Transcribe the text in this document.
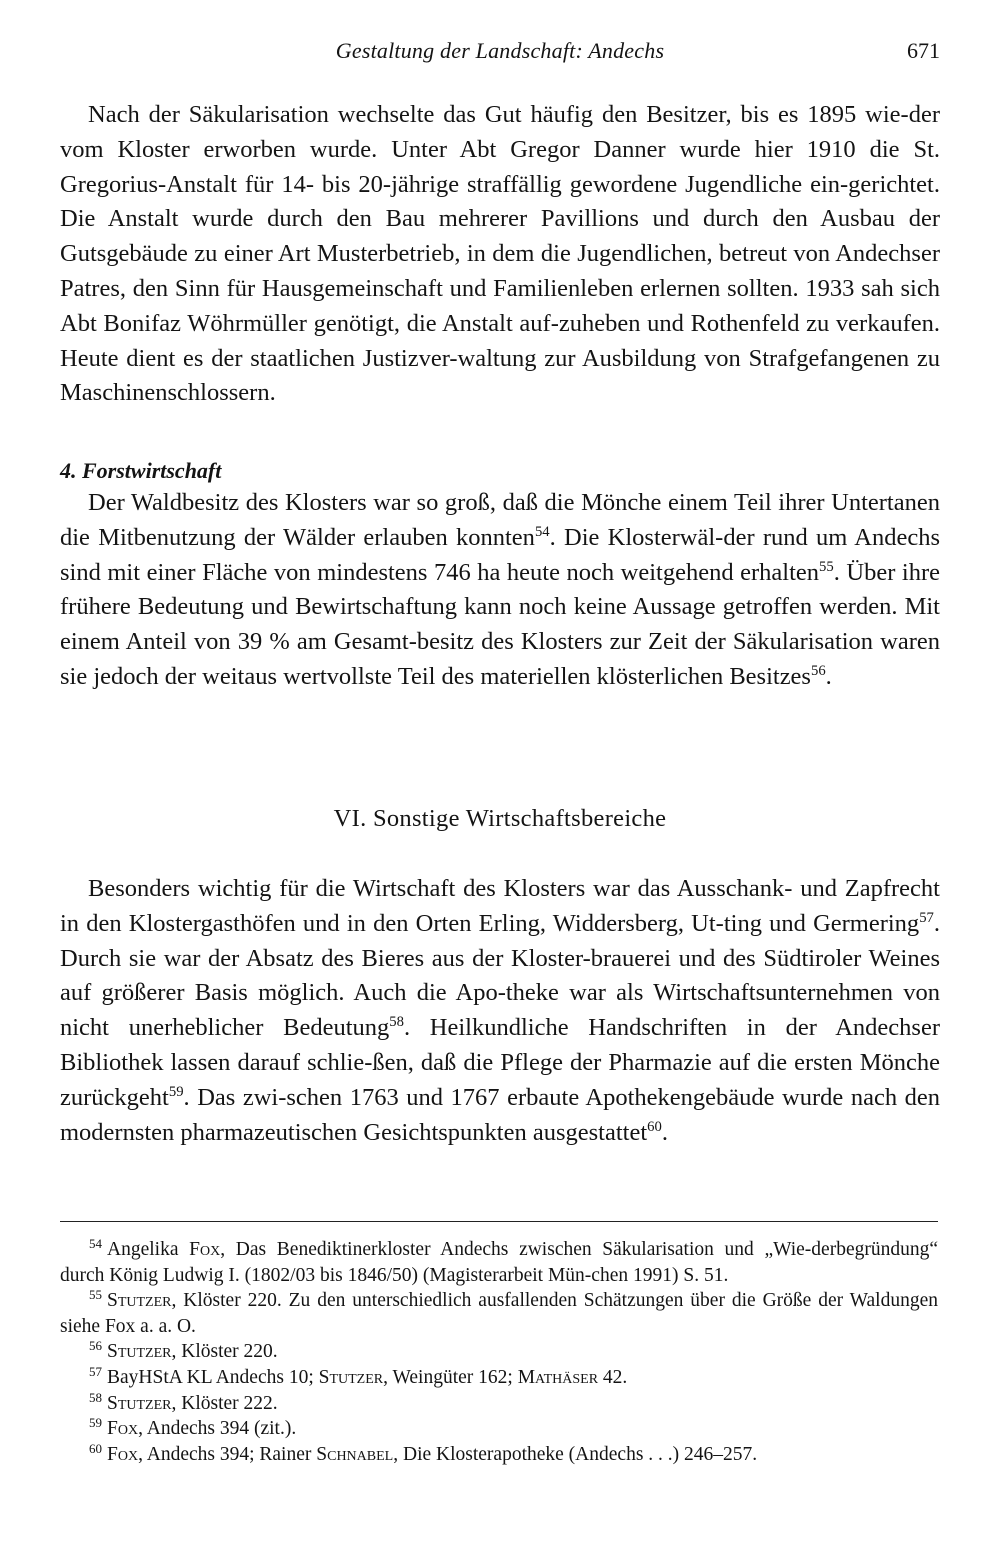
Gestaltung der Landschaft: Andechs	671

Nach der Säkularisation wechselte das Gut häufig den Besitzer, bis es 1895 wie-der vom Kloster erworben wurde. Unter Abt Gregor Danner wurde hier 1910 die St. Gregorius-Anstalt für 14- bis 20-jährige straffällig gewordene Jugendliche ein-gerichtet. Die Anstalt wurde durch den Bau mehrerer Pavillions und durch den Ausbau der Gutsgebäude zu einer Art Musterbetrieb, in dem die Jugendlichen, betreut von Andechser Patres, den Sinn für Hausgemeinschaft und Familienleben erlernen sollten. 1933 sah sich Abt Bonifaz Wöhrmüller genötigt, die Anstalt auf-zuheben und Rothenfeld zu verkaufen. Heute dient es der staatlichen Justizver-waltung zur Ausbildung von Strafgefangenen zu Maschinenschlossern.

4. Forstwirtschaft

Der Waldbesitz des Klosters war so groß, daß die Mönche einem Teil ihrer Untertanen die Mitbenutzung der Wälder erlauben konnten$^{54}$. Die Klosterwäl-der rund um Andechs sind mit einer Fläche von mindestens 746 ha heute noch weitgehend erhalten$^{55}$. Über ihre frühere Bedeutung und Bewirtschaftung kann noch keine Aussage getroffen werden. Mit einem Anteil von 39 % am Gesamt-besitz des Klosters zur Zeit der Säkularisation waren sie jedoch der weitaus wertvollste Teil des materiellen klösterlichen Besitzes$^{56}$.

VI. Sonstige Wirtschaftsbereiche

Besonders wichtig für die Wirtschaft des Klosters war das Ausschank- und Zapfrecht in den Klostergasthöfen und in den Orten Erling, Widdersberg, Ut-ting und Germering$^{57}$. Durch sie war der Absatz des Bieres aus der Kloster-brauerei und des Südtiroler Weines auf größerer Basis möglich. Auch die Apo-theke war als Wirtschaftsunternehmen von nicht unerheblicher Bedeutung$^{58}$. Heilkundliche Handschriften in der Andechser Bibliothek lassen darauf schlie-ßen, daß die Pflege der Pharmazie auf die ersten Mönche zurückgeht$^{59}$. Das zwi-schen 1763 und 1767 erbaute Apothekengebäude wurde nach den modernsten pharmazeutischen Gesichtspunkten ausgestattet$^{60}$.

54 Angelika Fox, Das Benediktinerkloster Andechs zwischen Säkularisation und „Wie-derbegründung“ durch König Ludwig I. (1802/03 bis 1846/50) (Magisterarbeit Mün-chen 1991) S. 51.

55 Stutzer, Klöster 220. Zu den unterschiedlich ausfallenden Schätzungen über die Größe der Waldungen siehe Fox a. a. O.

56 Stutzer, Klöster 220.

57 BayHStA KL Andechs 10; Stutzer, Weingüter 162; Mathäser 42.

58 Stutzer, Klöster 222.

59 Fox, Andechs 394 (zit.).

60 Fox, Andechs 394; Rainer Schnabel, Die Klosterapotheke (Andechs . . .) 246–257.
